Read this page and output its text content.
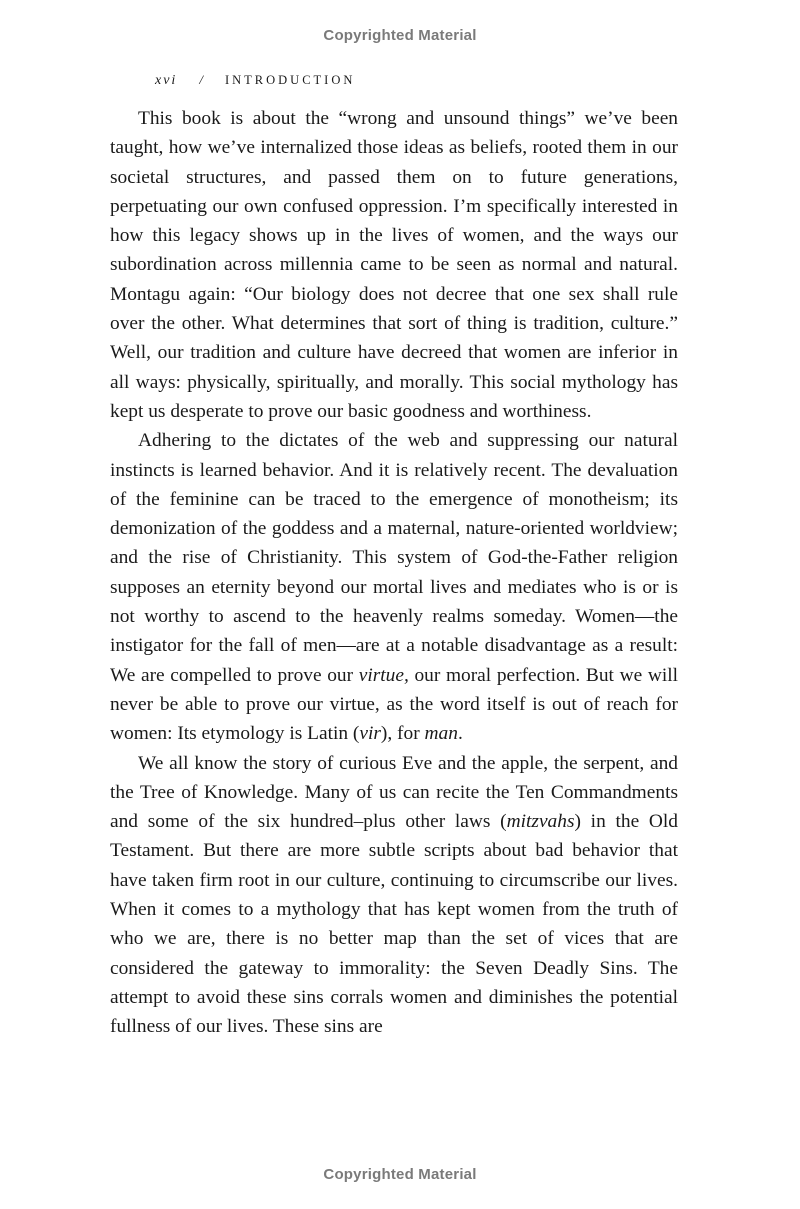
Copyrighted Material
xvi / INTRODUCTION

This book is about the “wrong and unsound things” we’ve been taught, how we’ve internalized those ideas as beliefs, rooted them in our societal structures, and passed them on to future generations, perpetuating our own confused oppression. I’m specifically interested in how this legacy shows up in the lives of women, and the ways our subordination across millennia came to be seen as normal and natural. Montagu again: “Our biology does not decree that one sex shall rule over the other. What determines that sort of thing is tradition, culture.” Well, our tradition and culture have decreed that women are inferior in all ways: physically, spiritually, and morally. This social mythology has kept us desperate to prove our basic goodness and worthiness.

Adhering to the dictates of the web and suppressing our natural instincts is learned behavior. And it is relatively recent. The devaluation of the feminine can be traced to the emergence of monotheism; its demonization of the goddess and a maternal, nature-oriented worldview; and the rise of Christianity. This system of God-the-Father religion supposes an eternity beyond our mortal lives and mediates who is or is not worthy to ascend to the heavenly realms someday. Women—the instigator for the fall of men—are at a notable disadvantage as a result: We are compelled to prove our virtue, our moral perfection. But we will never be able to prove our virtue, as the word itself is out of reach for women: Its etymology is Latin (vir), for man.

We all know the story of curious Eve and the apple, the serpent, and the Tree of Knowledge. Many of us can recite the Ten Commandments and some of the six hundred–plus other laws (mitzvahs) in the Old Testament. But there are more subtle scripts about bad behavior that have taken firm root in our culture, continuing to circumscribe our lives. When it comes to a mythology that has kept women from the truth of who we are, there is no better map than the set of vices that are considered the gateway to immorality: the Seven Deadly Sins. The attempt to avoid these sins corrals women and diminishes the potential fullness of our lives. These sins are

Copyrighted Material
